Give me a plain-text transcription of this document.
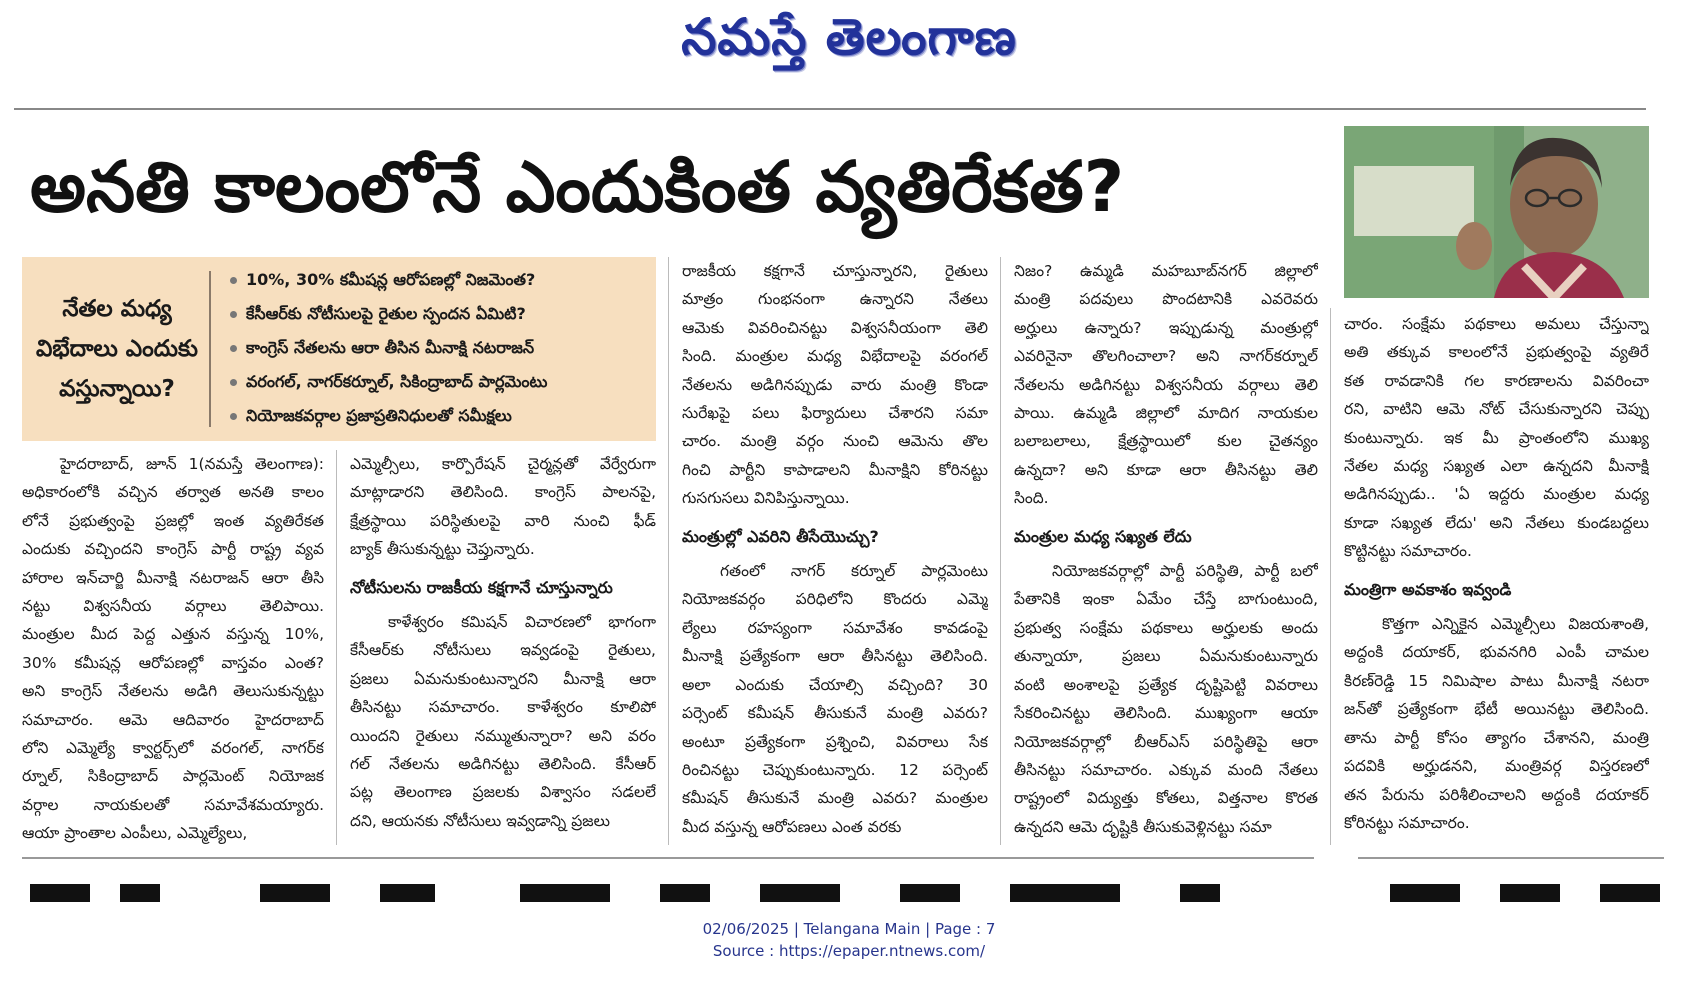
నమస్తే తెలంగాణ
అనతి కాలంలోనే ఎందుకింత వ్యతిరేకత?
నేతల మధ్య విభేదాలు ఎందుకు వస్తున్నాయి?
10%, 30% కమీషన్ల ఆరోపణల్లో నిజమెంత?
కేసీఆర్‌కు నోటీసులపై రైతుల స్పందన ఏమిటి?
కాంగ్రెస్ నేతలను ఆరా తీసిన మీనాక్షి నటరాజన్
వరంగల్, నాగర్‌కర్నూల్, సికింద్రాబాద్ పార్లమెంటు
నియోజకవర్గాల ప్రజాప్రతినిధులతో సమీక్షలు
హైదరాబాద్, జూన్ 1(నమస్తే తెలంగాణ):
అధికారంలోకి వచ్చిన తర్వాత అనతి కాలం
లోనే ప్రభుత్వంపై ప్రజల్లో ఇంత వ్యతిరేకత
ఎందుకు వచ్చిందని కాంగ్రెస్ పార్టీ రాష్ట్ర వ్యవ
హారాల ఇన్‌చార్జి మీనాక్షి నటరాజన్ ఆరా తీసి
నట్టు విశ్వసనీయ వర్గాలు తెలిపాయి.
మంత్రుల మీద పెద్ద ఎత్తున వస్తున్న 10%,
30% కమీషన్ల ఆరోపణల్లో వాస్తవం ఎంత?
అని కాంగ్రెస్ నేతలను అడిగి తెలుసుకున్నట్టు
సమాచారం. ఆమె ఆదివారం హైదరాబాద్
లోని ఎమ్మెల్యే క్వార్టర్స్‌లో వరంగల్, నాగర్‌క
ర్నూల్, సికింద్రాబాద్ పార్లమెంట్ నియోజక
వర్గాల నాయకులతో సమావేశమయ్యారు.
ఆయా ప్రాంతాల ఎంపీలు, ఎమ్మెల్యేలు,
ఎమ్మెల్సీలు, కార్పొరేషన్ చైర్మన్లతో వేర్వేరుగా
మాట్లాడారని తెలిసింది. కాంగ్రెస్ పాలనపై,
క్షేత్రస్థాయి పరిస్థితులపై వారి నుంచి ఫీడ్
బ్యాక్ తీసుకున్నట్టు చెప్తున్నారు.
నోటీసులను రాజకీయ కక్షగానే చూస్తున్నారు
కాళేశ్వరం కమిషన్ విచారణలో భాగంగా
కేసీఆర్‌కు నోటీసులు ఇవ్వడంపై రైతులు,
ప్రజలు ఏమనుకుంటున్నారని మీనాక్షి ఆరా
తీసినట్టు సమాచారం. కాళేశ్వరం కూలిపో
యిందని రైతులు నమ్ముతున్నారా? అని వరం
గల్ నేతలను అడిగినట్టు తెలిసింది. కేసీఆర్
పట్ల తెలంగాణ ప్రజలకు విశ్వాసం సడలలే
దని, ఆయనకు నోటీసులు ఇవ్వడాన్ని ప్రజలు
రాజకీయ కక్షగానే చూస్తున్నారని, రైతులు
మాత్రం గుంభనంగా ఉన్నారని నేతలు
ఆమెకు వివరించినట్టు విశ్వసనీయంగా తెలి
సింది. మంత్రుల మధ్య విభేదాలపై వరంగల్
నేతలను అడిగినప్పుడు వారు మంత్రి కొండా
సురేఖపై పలు ఫిర్యాదులు చేశారని సమా
చారం. మంత్రి వర్గం నుంచి ఆమెను తొల
గించి పార్టీని కాపాడాలని మీనాక్షిని కోరినట్టు
గుసగుసలు వినిపిస్తున్నాయి.
మంత్రుల్లో ఎవరిని తీసేయొచ్చు?
గతంలో నాగర్ కర్నూల్ పార్లమెంటు
నియోజకవర్గం పరిధిలోని కొందరు ఎమ్మె
ల్యేలు రహస్యంగా సమావేశం కావడంపై
మీనాక్షి ప్రత్యేకంగా ఆరా తీసినట్టు తెలిసింది.
అలా ఎందుకు చేయాల్సి వచ్చింది? 30
పర్సెంట్ కమీషన్ తీసుకునే మంత్రి ఎవరు?
అంటూ ప్రత్యేకంగా ప్రశ్నించి, వివరాలు సేక
రించినట్టు చెప్పుకుంటున్నారు. 12 పర్సెంట్
కమీషన్ తీసుకునే మంత్రి ఎవరు? మంత్రుల
మీద వస్తున్న ఆరోపణలు ఎంత వరకు
నిజం? ఉమ్మడి మహబూబ్‌నగర్ జిల్లాలో
మంత్రి పదవులు పొందటానికి ఎవరెవరు
అర్హులు ఉన్నారు? ఇప్పుడున్న మంత్రుల్లో
ఎవరినైనా తొలగించాలా? అని నాగర్‌కర్నూల్
నేతలను అడిగినట్టు విశ్వసనీయ వర్గాలు తెలి
పాయి. ఉమ్మడి జిల్లాలో మాదిగ నాయకుల
బలాబలాలు, క్షేత్రస్థాయిలో కుల చైతన్యం
ఉన్నదా? అని కూడా ఆరా తీసినట్టు తెలి
సింది.
మంత్రుల మధ్య సఖ్యత లేదు
నియోజకవర్గాల్లో పార్టీ పరిస్థితి, పార్టీ బలో
పేతానికి ఇంకా ఏమేం చేస్తే బాగుంటుంది,
ప్రభుత్వ సంక్షేమ పథకాలు అర్హులకు అందు
తున్నాయా, ప్రజలు ఏమనుకుంటున్నారు
వంటి అంశాలపై ప్రత్యేక దృష్టిపెట్టి వివరాలు
సేకరించినట్టు తెలిసింది. ముఖ్యంగా ఆయా
నియోజకవర్గాల్లో బీఆర్‌ఎస్ పరిస్థితిపై ఆరా
తీసినట్టు సమాచారం. ఎక్కువ మంది నేతలు
రాష్ట్రంలో విద్యుత్తు కోతలు, విత్తనాల కొరత
ఉన్నదని ఆమె దృష్టికి తీసుకువెళ్లినట్టు సమా
చారం. సంక్షేమ పథకాలు అమలు చేస్తున్నా
అతి తక్కువ కాలంలోనే ప్రభుత్వంపై వ్యతిరే
కత రావడానికి గల కారణాలను వివరించా
రని, వాటిని ఆమె నోట్ చేసుకున్నారని చెప్పు
కుంటున్నారు. ఇక మీ ప్రాంతంలోని ముఖ్య
నేతల మధ్య సఖ్యత ఎలా ఉన్నదని మీనాక్షి
అడిగినప్పుడు.. 'ఏ ఇద్దరు మంత్రుల మధ్య
కూడా సఖ్యత లేదు' అని నేతలు కుండబద్దలు
కొట్టినట్టు సమాచారం.
మంత్రిగా అవకాశం ఇవ్వండి
కొత్తగా ఎన్నికైన ఎమ్మెల్సీలు విజయశాంతి,
అద్దంకి దయాకర్, భువనగిరి ఎంపీ చామల
కిరణ్‌రెడ్డి 15 నిమిషాల పాటు మీనాక్షి నటరా
జన్‌తో ప్రత్యేకంగా భేటీ అయినట్టు తెలిసింది.
తాను పార్టీ కోసం త్యాగం చేశానని, మంత్రి
పదవికి అర్హుడనని, మంత్రివర్గ విస్తరణలో
తన పేరును పరిశీలించాలని అద్దంకి దయాకర్
కోరినట్టు సమాచారం.
02/06/2025 | Telangana Main | Page : 7
Source : https://epaper.ntnews.com/
